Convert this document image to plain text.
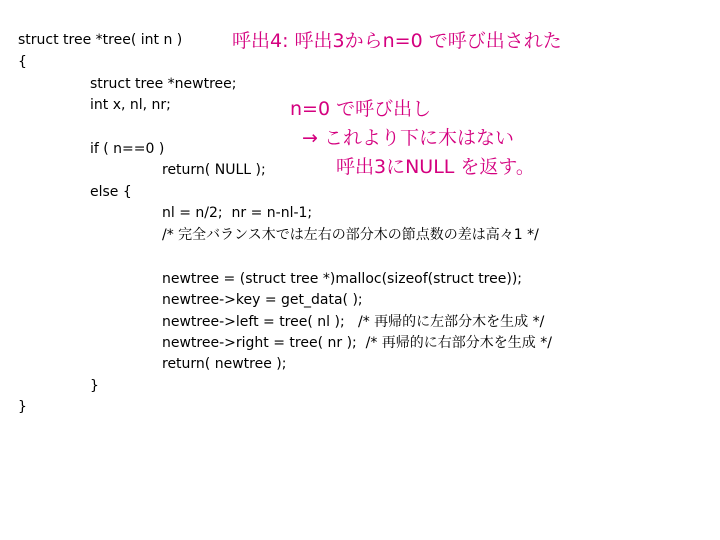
struct tree *tree( int n )
{
struct tree *newtree;
int x, nl, nr;
if ( n==0 )
return( NULL );
else {
nl = n/2;  nr = n-nl-1;
/* 完全バランス木では左右の部分木の節点数の差は高々1 */
newtree = (struct tree *)malloc(sizeof(struct tree));
newtree->key = get_data( );
newtree->left = tree( nl );   /* 再帰的に左部分木を生成 */
newtree->right = tree( nr );  /* 再帰的に右部分木を生成 */
return( newtree );
}
}
呼出4: 呼出3からn=0 で呼び出された
n=0 で呼び出し
→ これより下に木はない
呼出3にNULL を返す。
